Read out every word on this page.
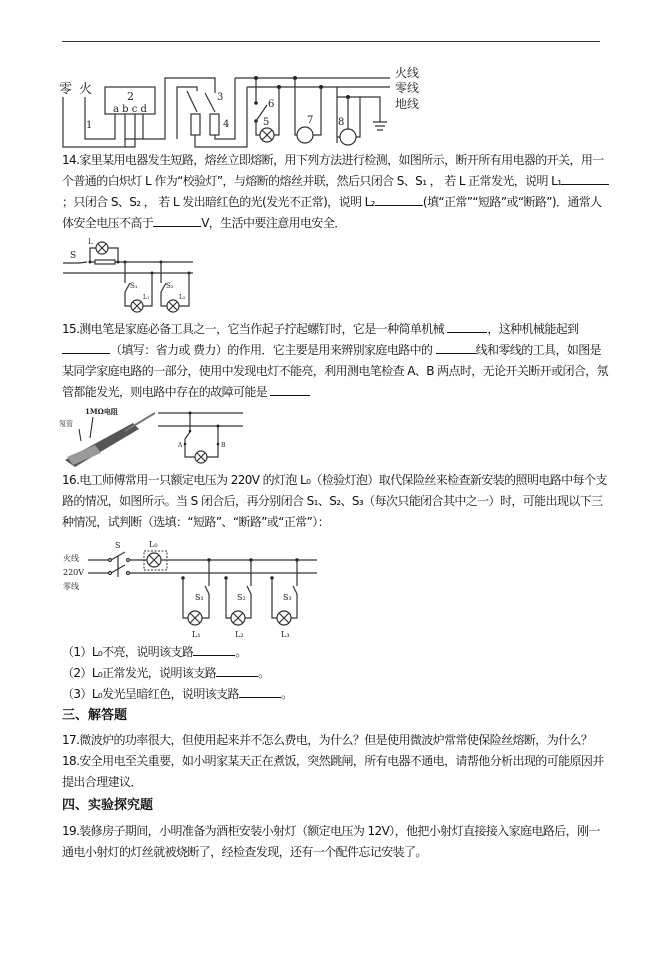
零 火	2
a b c d
1
3
4
火线
零线
地线
6
5	7 8
14.家里某用电器发生短路，熔丝立即熔断，用下列方法进行检测，如图所示，断开所有用电器的开关，用一个普通的白炽灯 L 作为“校验灯”，与熔断的熔丝并联，然后只闭合 S、S₁ ， 若 L 正常发光，说明 L₁；只闭合 S、S₂ ， 若 L 发出暗红色的光(发光不正常)，说明 L₂	(填“正常”“短路”或“断路”)．通常人体安全电压不高于	V，生活中要注意用电安全．
S
L
S₁
L₁
S₂
L₂
15.测电笔是家庭必备工具之一，它当作起子拧起螺钉时，它是一种简单机械	，这种机械能起到 （填写：省力或 费力）的作用．它主要是用来辨别家庭电路中的	线和零线的工具，如图是某同学家庭电路的一部分，使用中发现电灯不能亮，利用测电笔检查 A、B 两点时，无论开关断开或闭合，氖管都能发光，则电路中存在的故障可能是
1MΩ电阻
氖管
A	B
16.电工师傅常用一只额定电压为 220V 的灯泡 L₀（检验灯泡）取代保险丝来检查新安装的照明电路中每个支路的情况，如图所示。当 S 闭合后，再分别闭合 S₁、S₂、S₃（每次只能闭合其中之一）时，可能出现以下三种情况，试判断（选填：“短路”、“断路”或“正常”）：
火线
220V
零线
S	L₀
S₁
L₁
S₂
L₂
S₃
L₃
（1）L₀不亮，说明该支路	。
（2）L₀正常发光，说明该支路	。
（3）L₀发光呈暗红色，说明该支路	。
三、解答题
17.微波炉的功率很大，但使用起来并不怎么费电，为什么？但是使用微波炉常常使保险丝熔断，为什么？
18.安全用电至关重要，如小明家某天正在煮饭，突然跳闸，所有电器不通电，请帮他分析出现的可能原因并提出合理建议．
四、实验探究题
19.装修房子期间，小明准备为酒柜安装小射灯（额定电压为 12V），他把小射灯直接接入家庭电路后，刚一通电小射灯的灯丝就被烧断了，经检查发现，还有一个配件忘记安装了。
